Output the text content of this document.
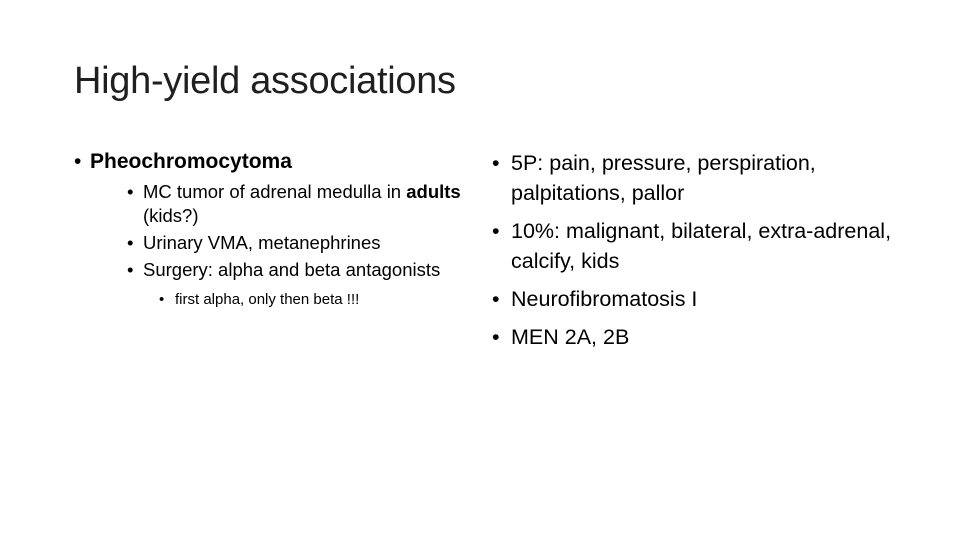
High-yield associations
• Pheochromocytoma
• MC tumor of adrenal medulla in adults (kids?)
• Urinary VMA, metanephrines
• Surgery: alpha and beta antagonists
• first alpha, only then beta !!!
• 5P: pain, pressure, perspiration, palpitations, pallor
• 10%: malignant, bilateral, extra-adrenal, calcify, kids
• Neurofibromatosis I
• MEN 2A, 2B
